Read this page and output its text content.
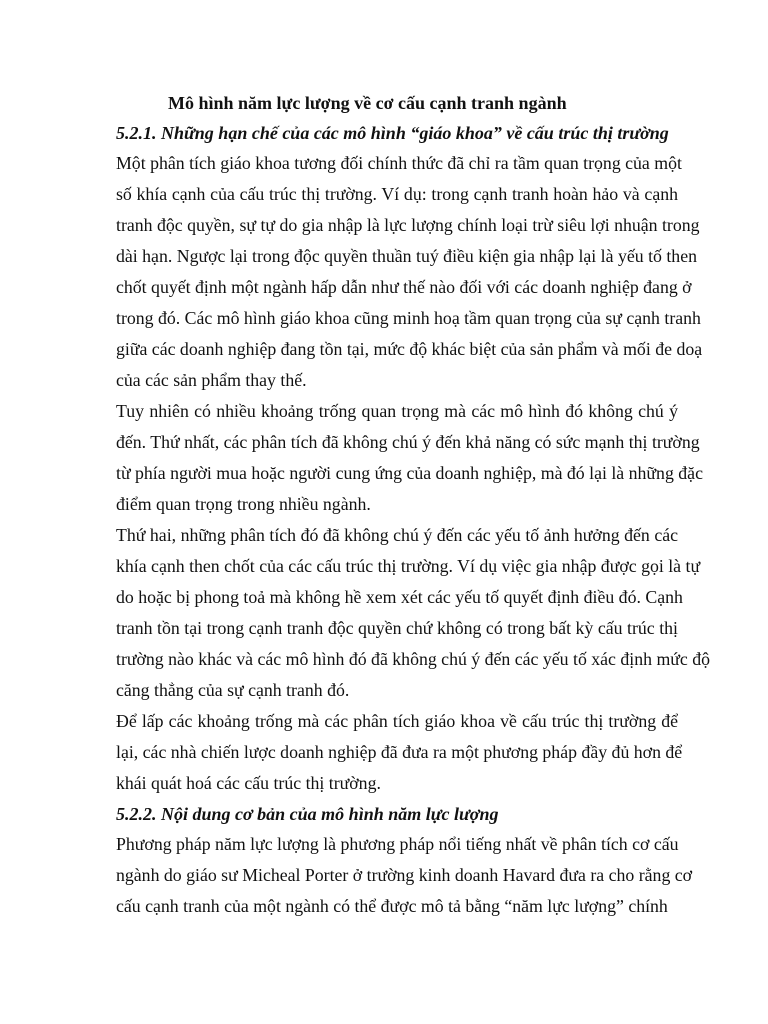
Mô hình năm lực lượng về cơ cấu cạnh tranh ngành
5.2.1. Những hạn chế của các mô hình “giáo khoa” về cấu trúc thị trường

Một phân tích giáo khoa tương đối chính thức đã chỉ ra tầm quan trọng của một
số khía cạnh của cấu trúc thị trường. Ví dụ: trong cạnh tranh hoàn hảo và cạnh
tranh độc quyền, sự tự do gia nhập là lực lượng chính loại trừ siêu lợi nhuận trong
dài hạn. Ngược lại trong độc quyền thuần tuý điều kiện gia nhập lại là yếu tố then
chốt quyết định một ngành hấp dẫn như thế nào đối với các doanh nghiệp đang ở
trong đó. Các mô hình giáo khoa cũng minh hoạ tầm quan trọng của sự cạnh tranh
giữa các doanh nghiệp đang tồn tại, mức độ khác biệt của sản phẩm và mối đe doạ
của các sản phẩm thay thế.

Tuy nhiên có nhiều khoảng trống quan trọng mà các mô hình đó không chú ý
đến. Thứ nhất, các phân tích đã không chú ý đến khả năng có sức mạnh thị trường
từ phía người mua hoặc người cung ứng của doanh nghiệp, mà đó lại là những đặc
điểm quan trọng trong nhiều ngành.

Thứ hai, những phân tích đó đã không chú ý đến các yếu tố ảnh hưởng đến các
khía cạnh then chốt của các cấu trúc thị trường. Ví dụ việc gia nhập được gọi là tự
do hoặc bị phong toả mà không hề xem xét các yếu tố quyết định điều đó. Cạnh
tranh tồn tại trong cạnh tranh độc quyền chứ không có trong bất kỳ cấu trúc thị
trường nào khác và các mô hình đó đã không chú ý đến các yếu tố xác định mức độ
căng thẳng của sự cạnh tranh đó.

Để lấp các khoảng trống mà các phân tích giáo khoa về cấu trúc thị trường để
lại, các nhà chiến lược doanh nghiệp đã đưa ra một phương pháp đầy đủ hơn để
khái quát hoá các cấu trúc thị trường.

5.2.2. Nội dung cơ bản của mô hình năm lực lượng

Phương pháp năm lực lượng là phương pháp nổi tiếng nhất về phân tích cơ cấu
ngành do giáo sư Micheal Porter ở trường kinh doanh Havard đưa ra cho rằng cơ
cấu cạnh tranh của một ngành có thể được mô tả bằng “năm lực lượng” chính
